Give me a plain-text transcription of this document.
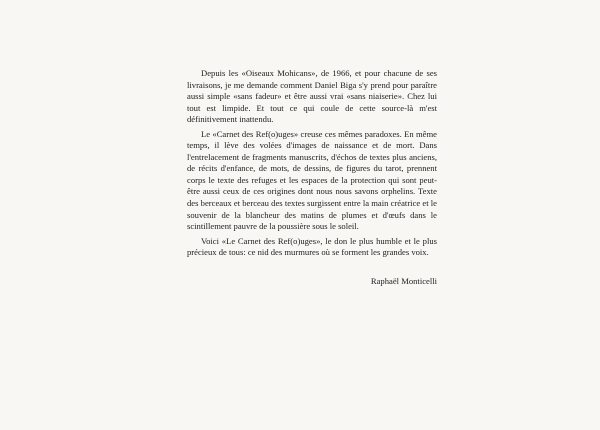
Depuis les «Oiseaux Mohicans», de 1966, et pour chacune de ses livraisons, je me demande comment Daniel Biga s'y prend pour paraître aussi simple «sans fadeur» et être aussi vrai «sans niaiserie». Chez lui tout est limpide. Et tout ce qui coule de cette source-là m'est définitivement inattendu.

Le «Carnet des Ref(o)uges» creuse ces mêmes paradoxes. En même temps, il lève des volées d'images de naissance et de mort. Dans l'entrelacement de fragments manuscrits, d'échos de textes plus anciens, de récits d'enfance, de mots, de dessins, de figures du tarot, prennent corps le texte des refuges et les espaces de la protection qui sont peut-être aussi ceux de ces origines dont nous nous savons orphelins. Texte des berceaux et berceau des textes surgissent entre la main créatrice et le souvenir de la blancheur des matins de plumes et d'œufs dans le scintillement pauvre de la poussière sous le soleil.

Voici «Le Carnet des Ref(o)uges», le don le plus humble et le plus précieux de tous: ce nid des murmures où se forment les grandes voix.

Raphaël Monticelli
